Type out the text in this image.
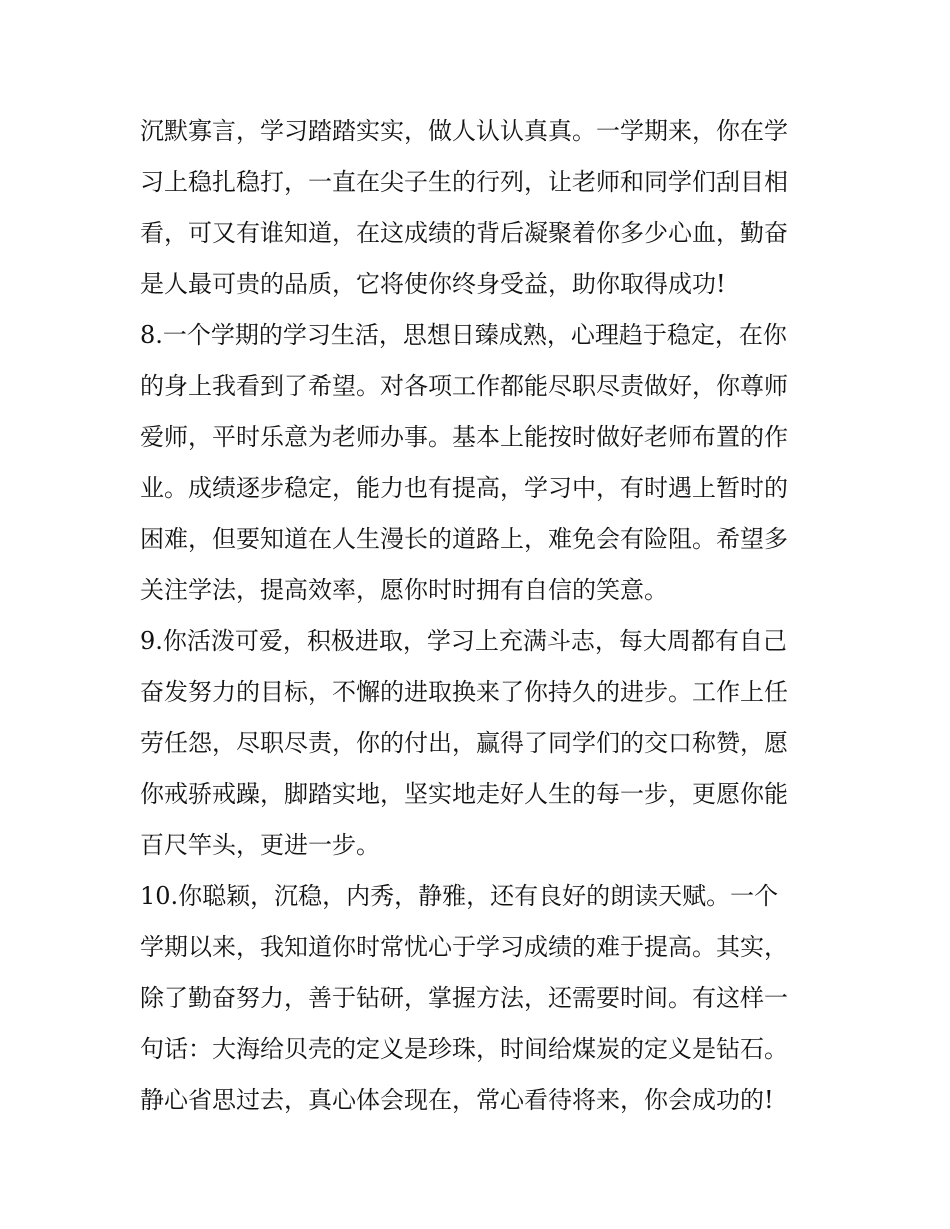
沉默寡言，学习踏踏实实，做人认认真真。一学期来，你在学
习上稳扎稳打，一直在尖子生的行列，让老师和同学们刮目相
看，可又有谁知道，在这成绩的背后凝聚着你多少心血，勤奋
是人最可贵的品质，它将使你终身受益，助你取得成功!
8.一个学期的学习生活，思想日臻成熟，心理趋于稳定，在你
的身上我看到了希望。对各项工作都能尽职尽责做好，你尊师
爱师，平时乐意为老师办事。基本上能按时做好老师布置的作
业。成绩逐步稳定，能力也有提高，学习中，有时遇上暂时的
困难，但要知道在人生漫长的道路上，难免会有险阻。希望多
关注学法，提高效率，愿你时时拥有自信的笑意。
9.你活泼可爱，积极进取，学习上充满斗志，每大周都有自己
奋发努力的目标，不懈的进取换来了你持久的进步。工作上任
劳任怨，尽职尽责，你的付出，赢得了同学们的交口称赞，愿
你戒骄戒躁，脚踏实地，坚实地走好人生的每一步，更愿你能
百尺竿头，更进一步。
10.你聪颖，沉稳，内秀，静雅，还有良好的朗读天赋。一个
学期以来，我知道你时常忧心于学习成绩的难于提高。其实，
除了勤奋努力，善于钻研，掌握方法，还需要时间。有这样一
句话：大海给贝壳的定义是珍珠，时间给煤炭的定义是钻石。
静心省思过去，真心体会现在，常心看待将来，你会成功的!
